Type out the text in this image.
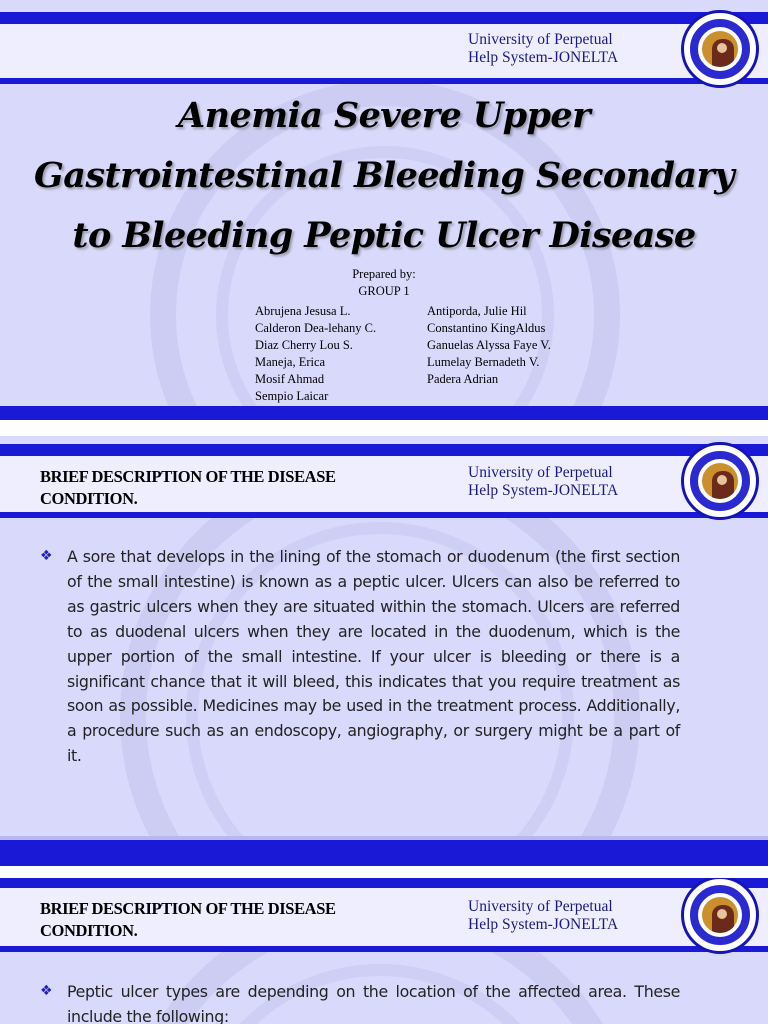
University of Perpetual
Help System-JONELTA
Anemia Severe Upper Gastrointestinal Bleeding Secondary to Bleeding Peptic Ulcer Disease
Prepared by:
GROUP 1
Abrujena Jesusa L.
Calderon Dea-lehany C.
Diaz Cherry Lou S.
Maneja, Erica
Mosif Ahmad
Sempio Laicar
Antiporda, Julie Hil
Constantino KingAldus
Ganuelas Alyssa Faye V.
Lumelay Bernadeth V.
Padera Adrian
BRIEF DESCRIPTION OF THE DISEASE
CONDITION.
University of Perpetual
Help System-JONELTA
❖ A sore that develops in the lining of the stomach or duodenum (the first section of the small intestine) is known as a peptic ulcer. Ulcers can also be referred to as gastric ulcers when they are situated within the stomach. Ulcers are referred to as duodenal ulcers when they are located in the duodenum, which is the upper portion of the small intestine. If your ulcer is bleeding or there is a significant chance that it will bleed, this indicates that you require treatment as soon as possible. Medicines may be used in the treatment process. Additionally, a procedure such as an endoscopy, angiography, or surgery might be a part of it.

BRIEF DESCRIPTION OF THE DISEASE
CONDITION.
University of Perpetual
Help System-JONELTA
❖ Peptic ulcer types are depending on the location of the affected area. These include the following:
